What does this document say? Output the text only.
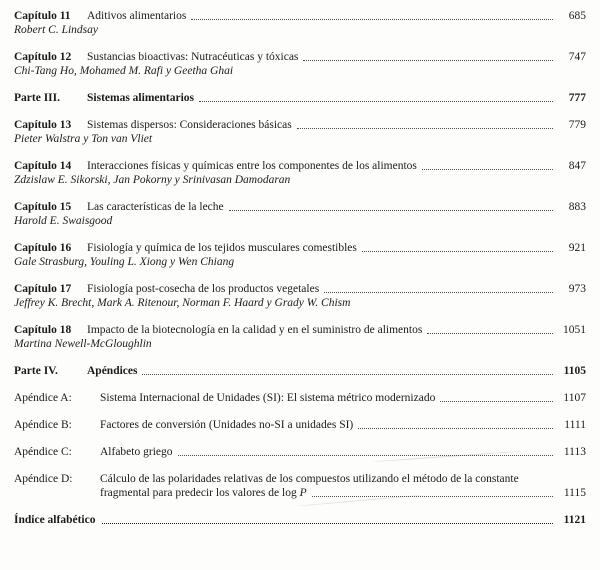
Capítulo 11	Aditivos alimentarios	685
Robert C. Lindsay
Capítulo 12	Sustancias bioactivas: Nutracéuticas y tóxicas	747
Chi-Tang Ho, Mohamed M. Rafi y Geetha Ghai
Parte III.	Sistemas alimentarios	777
Capítulo 13	Sistemas dispersos: Consideraciones básicas	779
Pieter Walstra y Ton van Vliet
Capítulo 14	Interacciones físicas y químicas entre los componentes de los alimentos	847
Zdzislaw E. Sikorski, Jan Pokorny y Srinivasan Damodaran
Capítulo 15	Las características de la leche	883
Harold E. Swaisgood
Capítulo 16	Fisiología y química de los tejidos musculares comestibles	921
Gale Strasburg, Youling L. Xiong y Wen Chiang
Capítulo 17	Fisiología post-cosecha de los productos vegetales	973
Jeffrey K. Brecht, Mark A. Ritenour, Norman F. Haard y Grady W. Chism
Capítulo 18	Impacto de la biotecnología en la calidad y en el suministro de alimentos	1051
Martina Newell-McGloughlin
Parte IV.	Apéndices	1105
Apéndice A:	Sistema Internacional de Unidades (SI): El sistema métrico modernizado	1107
Apéndice B:	Factores de conversión (Unidades no-SI a unidades SI)	1111
Apéndice C:	Alfabeto griego	1113
Apéndice D:	Cálculo de las polaridades relativas de los compuestos utilizando el método de la constante
fragmental para predecir los valores de log P	1115
Índice alfabético	1121
